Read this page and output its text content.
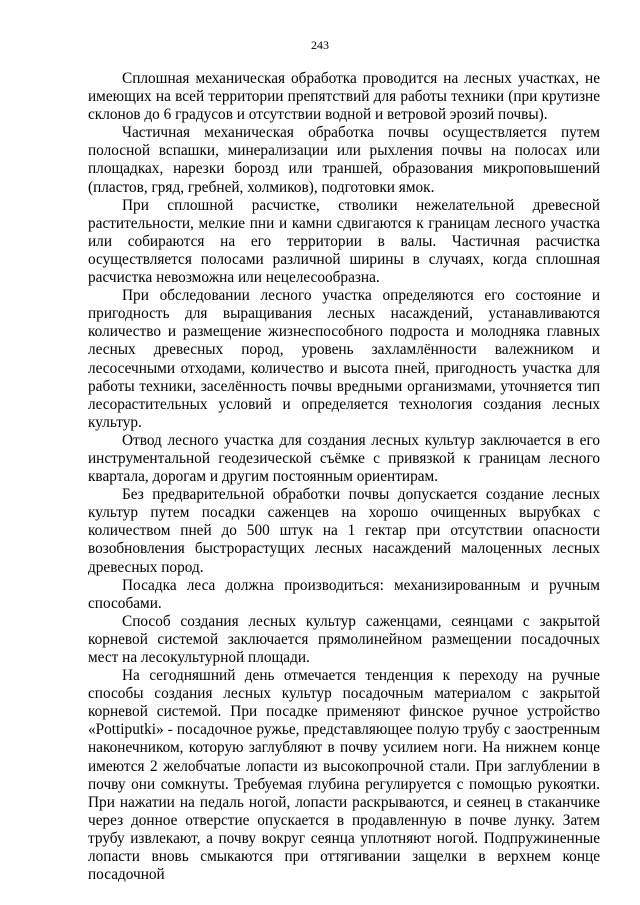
243

Сплошная механическая обработка проводится на лесных участках, не имеющих на всей территории препятствий для работы техники (при крутизне склонов до 6 градусов и отсутствии водной и ветровой эрозий почвы).

Частичная механическая обработка почвы осуществляется путем полосной вспашки, минерализации или рыхления почвы на полосах или площадках, нарезки борозд или траншей, образования микроповышений (пластов, гряд, гребней, холмиков), подготовки ямок.

При сплошной расчистке, стволики нежелательной древесной растительности, мелкие пни и камни сдвигаются к границам лесного участка или собираются на его территории в валы. Частичная расчистка осуществляется полосами различной ширины в случаях, когда сплошная расчистка невозможна или нецелесообразна.

При обследовании лесного участка определяются его состояние и пригодность для выращивания лесных насаждений, устанавливаются количество и размещение жизнеспособного подроста и молодняка главных лесных древесных пород, уровень захламлённости валежником и лесосечными отходами, количество и высота пней, пригодность участка для работы техники, заселённость почвы вредными организмами, уточняется тип лесорастительных условий и определяется технология создания лесных культур.

Отвод лесного участка для создания лесных культур заключается в его инструментальной геодезической съёмке с привязкой к границам лесного квартала, дорогам и другим постоянным ориентирам.

Без предварительной обработки почвы допускается создание лесных культур путем посадки саженцев на хорошо очищенных вырубках с количеством пней до 500 штук на 1 гектар при отсутствии опасности возобновления быстрорастущих лесных насаждений малоценных лесных древесных пород.

Посадка леса должна производиться: механизированным и ручным способами.

Способ создания лесных культур саженцами, сеянцами с закрытой корневой системой заключается прямолинейном размещении посадочных мест на лесокультурной площади.

На сегодняшний день отмечается тенденция к переходу на ручные способы создания лесных культур посадочным материалом с закрытой корневой системой. При посадке применяют финское ручное устройство «Pottiputki» - посадочное ружье, представляющее полую трубу с заостренным наконечником, которую заглубляют в почву усилием ноги. На нижнем конце имеются 2 желобчатые лопасти из высокопрочной стали. При заглублении в почву они сомкнуты. Требуемая глубина регулируется с помощью рукоятки. При нажатии на педаль ногой, лопасти раскрываются, и сеянец в стаканчике через донное отверстие опускается в продавленную в почве лунку. Затем трубу извлекают, а почву вокруг сеянца уплотняют ногой. Подпружиненные лопасти вновь смыкаются при оттягивании защелки в верхнем конце посадочной
